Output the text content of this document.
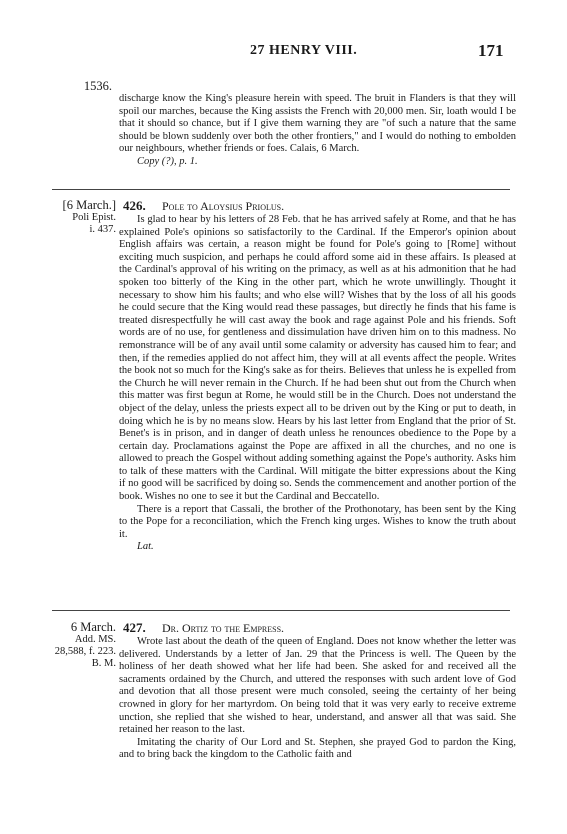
27 HENRY VIII.	171
1536.

discharge know the King's pleasure herein with speed. The bruit in Flanders is that they will spoil our marches, because the King assists the French with 20,000 men. Sir, loath would I be that it should so chance, but if I give them warning they are "of such a nature that the same should be blown suddenly over both the other frontiers," and I would do nothing to embolden our neighbours, whether friends or foes. Calais, 6 March.

Copy (?), p. 1.

[6 March.]
Poli Epist.
i. 437.
426. Pole to Aloysius Priolus.

Is glad to hear by his letters of 28 Feb. that he has arrived safely at Rome, and that he has explained Pole's opinions so satisfactorily to the Cardinal. If the Emperor's opinion about English affairs was certain, a reason might be found for Pole's going to [Rome] without exciting much suspicion, and perhaps he could afford some aid in these affairs. Is pleased at the Cardinal's approval of his writing on the primacy, as well as at his admonition that he had spoken too bitterly of the King in the other part, which he wrote unwillingly. Thought it necessary to show him his faults; and who else will? Wishes that by the loss of all his goods he could secure that the King would read these passages, but directly he finds that his fame is treated disrespectfully he will cast away the book and rage against Pole and his friends. Soft words are of no use, for gentleness and dissimulation have driven him on to this madness. No remonstrance will be of any avail until some calamity or adversity has caused him to fear; and then, if the remedies applied do not affect him, they will at all events affect the people. Writes the book not so much for the King's sake as for theirs. Believes that unless he is expelled from the Church he will never remain in the Church. If he had been shut out from the Church when this matter was first begun at Rome, he would still be in the Church. Does not understand the object of the delay, unless the priests expect all to be driven out by the King or put to death, in doing which he is by no means slow. Hears by his last letter from England that the prior of St. Benet's is in prison, and in danger of death unless he renounces obedience to the Pope by a certain day. Proclamations against the Pope are affixed in all the churches, and no one is allowed to preach the Gospel without adding something against the Pope's authority. Asks him to talk of these matters with the Cardinal. Will mitigate the bitter expressions about the King if no good will be sacrificed by doing so. Sends the commencement and another portion of the book. Wishes no one to see it but the Cardinal and Beccatello.

There is a report that Cassali, the brother of the Prothonotary, has been sent by the King to the Pope for a reconciliation, which the French king urges. Wishes to know the truth about it.

Lat.

6 March.
Add. MS.
28,588, f. 223.
B. M.
427. Dr. Ortiz to the Empress.

Wrote last about the death of the queen of England. Does not know whether the letter was delivered. Understands by a letter of Jan. 29 that the Princess is well. The Queen by the holiness of her death showed what her life had been. She asked for and received all the sacraments ordained by the Church, and uttered the responses with such ardent love of God and devotion that all those present were much consoled, seeing the certainty of her being crowned in glory for her martyrdom. On being told that it was very early to receive extreme unction, she replied that she wished to hear, understand, and answer all that was said. She retained her reason to the last.

Imitating the charity of Our Lord and St. Stephen, she prayed God to pardon the King, and to bring back the kingdom to the Catholic faith and
